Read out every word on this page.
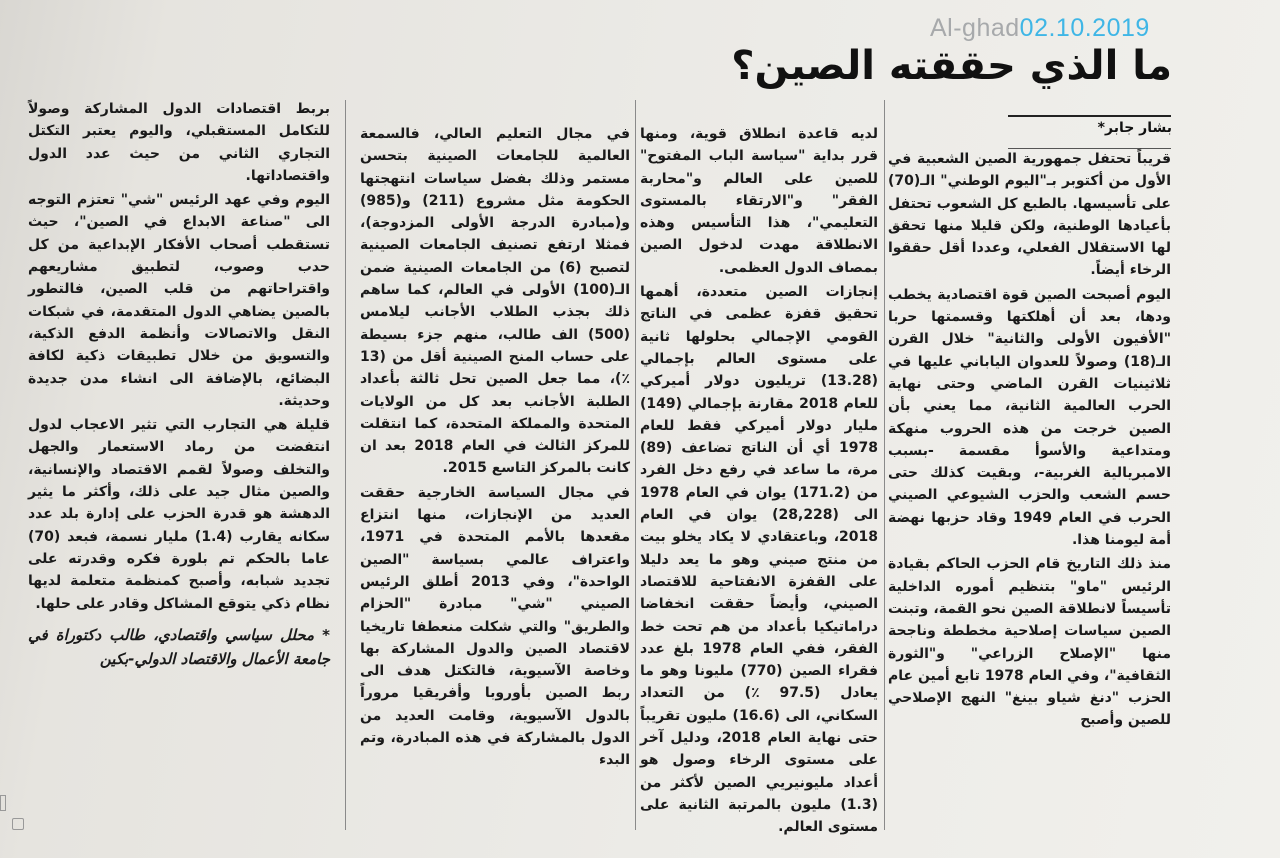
Al-ghad02.10.2019
ما الذي حققته الصين؟
بشار جابر*

قريباً تحتفل جمهورية الصين الشعبية في الأول من أكتوبر بـ"اليوم الوطني" الـ(70) على تأسيسها. بالطبع كل الشعوب تحتفل بأعيادها الوطنية، ولكن قليلا منها تحقق لها الاستقلال الفعلي، وعددا أقل حققوا الرخاء أيضاً.

اليوم أصبحت الصين قوة اقتصادية يخطب ودها، بعد أن أهلكتها وقسمتها حربا "الأفيون الأولى والثانية" خلال القرن الـ(18) وصولاً للعدوان الياباني عليها في ثلاثينيات القرن الماضي وحتى نهاية الحرب العالمية الثانية، مما يعني بأن الصين خرجت من هذه الحروب منهكة ومتداعية والأسوأ مقسمة -بسبب الامبريالية الغربية-، وبقيت كذلك حتى حسم الشعب والحزب الشيوعي الصيني الحرب في العام 1949 وقاد حزبها نهضة أمة ليومنا هذا.

منذ ذلك التاريخ قام الحزب الحاكم بقيادة الرئيس "ماو" بتنظيم أموره الداخلية تأسيساً لانطلاقة الصين نحو القمة، وتبنت الصين سياسات إصلاحية مخططة وناجحة منها "الإصلاح الزراعي" و"الثورة الثقافية"، وفي العام 1978 تابع أمين عام الحزب "دنغ شياو بينغ" النهج الإصلاحي للصين وأصبح

لديه قاعدة انطلاق قوية، ومنها قرر بداية "سياسة الباب المفتوح" للصين على العالم و"محاربة الفقر" و"الارتقاء بالمستوى التعليمي"، هذا التأسيس وهذه الانطلاقة مهدت لدخول الصين بمصاف الدول العظمى.

إنجازات الصين متعددة، أهمها تحقيق قفزة عظمى في الناتج القومي الإجمالي بحلولها ثانية على مستوى العالم بإجمالي (13.28) تريليون دولار أميركي للعام 2018 مقارنة بإجمالي (149) مليار دولار أميركي فقط للعام 1978 أي أن الناتج تضاعف (89) مرة، ما ساعد في رفع دخل الفرد من (171.2) يوان في العام 1978 الى (28,228) يوان في العام 2018، وباعتقادي لا يكاد يخلو بيت من منتج صيني وهو ما يعد دليلا على القفزة الانفتاحية للاقتصاد الصيني، وأيضاً حققت انخفاضا دراماتيكيا بأعداد من هم تحت خط الفقر، ففي العام 1978 بلغ عدد فقراء الصين (770) مليونا وهو ما يعادل (97.5 ٪) من التعداد السكاني، الى (16.6) مليون تقريباً حتى نهاية العام 2018، ودليل آخر على مستوى الرخاء وصول هو أعداد مليونيريي الصين لأكثر من (1.3) مليون بالمرتبة الثانية على مستوى العالم.

في مجال التعليم العالي، فالسمعة العالمية للجامعات الصينية بتحسن مستمر وذلك بفضل سياسات انتهجتها الحكومة مثل مشروع (211) و(985) و(مبادرة الدرجة الأولى المزدوجة)، فمثلا ارتفع تصنيف الجامعات الصينية لتصبح (6) من الجامعات الصينية ضمن الـ(100) الأولى في العالم، كما ساهم ذلك بجذب الطلاب الأجانب ليلامس (500) الف طالب، منهم جزء بسيطة على حساب المنح الصينية أقل من (13 ٪)، مما جعل الصين تحل ثالثة بأعداد الطلبة الأجانب بعد كل من الولايات المتحدة والمملكة المتحدة، كما انتقلت للمركز الثالث في العام 2018 بعد ان كانت بالمركز التاسع 2015.

في مجال السياسة الخارجية حققت العديد من الإنجازات، منها انتزاع مقعدها بالأمم المتحدة في 1971، واعتراف عالمي بسياسة "الصين الواحدة"، وفي 2013 أطلق الرئيس الصيني "شي" مبادرة "الحزام والطريق" والتي شكلت منعطفا تاريخيا لاقتصاد الصين والدول المشاركة بها وخاصة الآسيوية، فالتكتل هدف الى ربط الصين بأوروبا وأفريقيا مروراً بالدول الآسيوية، وقامت العديد من الدول بالمشاركة في هذه المبادرة، وتم البدء

بربط اقتصادات الدول المشاركة وصولاً للتكامل المستقبلي، واليوم يعتبر التكتل التجاري الثاني من حيث عدد الدول واقتصاداتها.

اليوم وفي عهد الرئيس "شي" تعتزم التوجه الى "صناعة الابداع في الصين"، حيث تستقطب أصحاب الأفكار الإبداعية من كل حدب وصوب، لتطبيق مشاريعهم واقتراحاتهم من قلب الصين، فالتطور بالصين يضاهي الدول المتقدمة، في شبكات النقل والاتصالات وأنظمة الدفع الذكية، والتسويق من خلال تطبيقات ذكية لكافة البضائع، بالإضافة الى انشاء مدن جديدة وحديثة.

قليلة هي التجارب التي تثير الاعجاب لدول انتفضت من رماد الاستعمار والجهل والتخلف وصولاً لقمم الاقتصاد والإنسانية، والصين مثال جيد على ذلك، وأكثر ما يثير الدهشة هو قدرة الحزب على إدارة بلد عدد سكانه يقارب (1.4) مليار نسمة، فبعد (70) عاما بالحكم تم بلورة فكره وقدرته على تجديد شبابه، وأصبح كمنظمة متعلمة لديها نظام ذكي يتوقع المشاكل وقادر على حلها.

* محلل سياسي واقتصادي، طالب دكتوراة في جامعة الأعمال والاقتصاد الدولي-بكين
